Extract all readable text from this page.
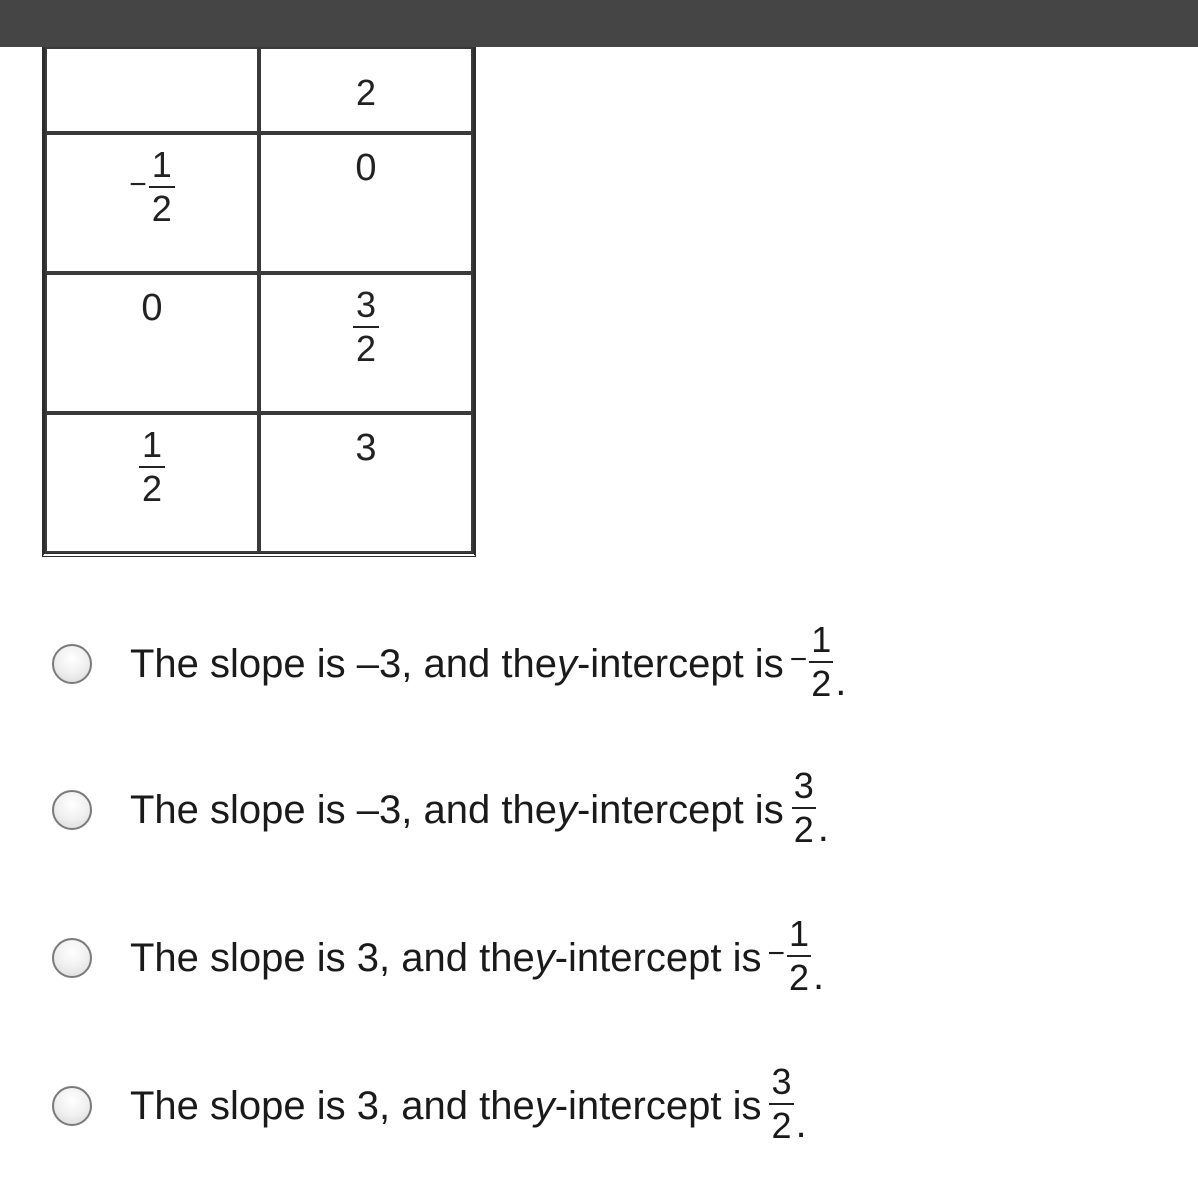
	2

− $\frac{1}{2}$	0
0	$\frac{3}{2}$

$\frac{1}{2}$	3
The slope is –3, and the y -intercept is − $\frac{1}{2}$ .
The slope is –3, and the y -intercept is $\frac{3}{2}$ .
The slope is 3, and the y -intercept is − $\frac{1}{2}$ .
The slope is 3, and the y -intercept is $\frac{3}{2}$ .
